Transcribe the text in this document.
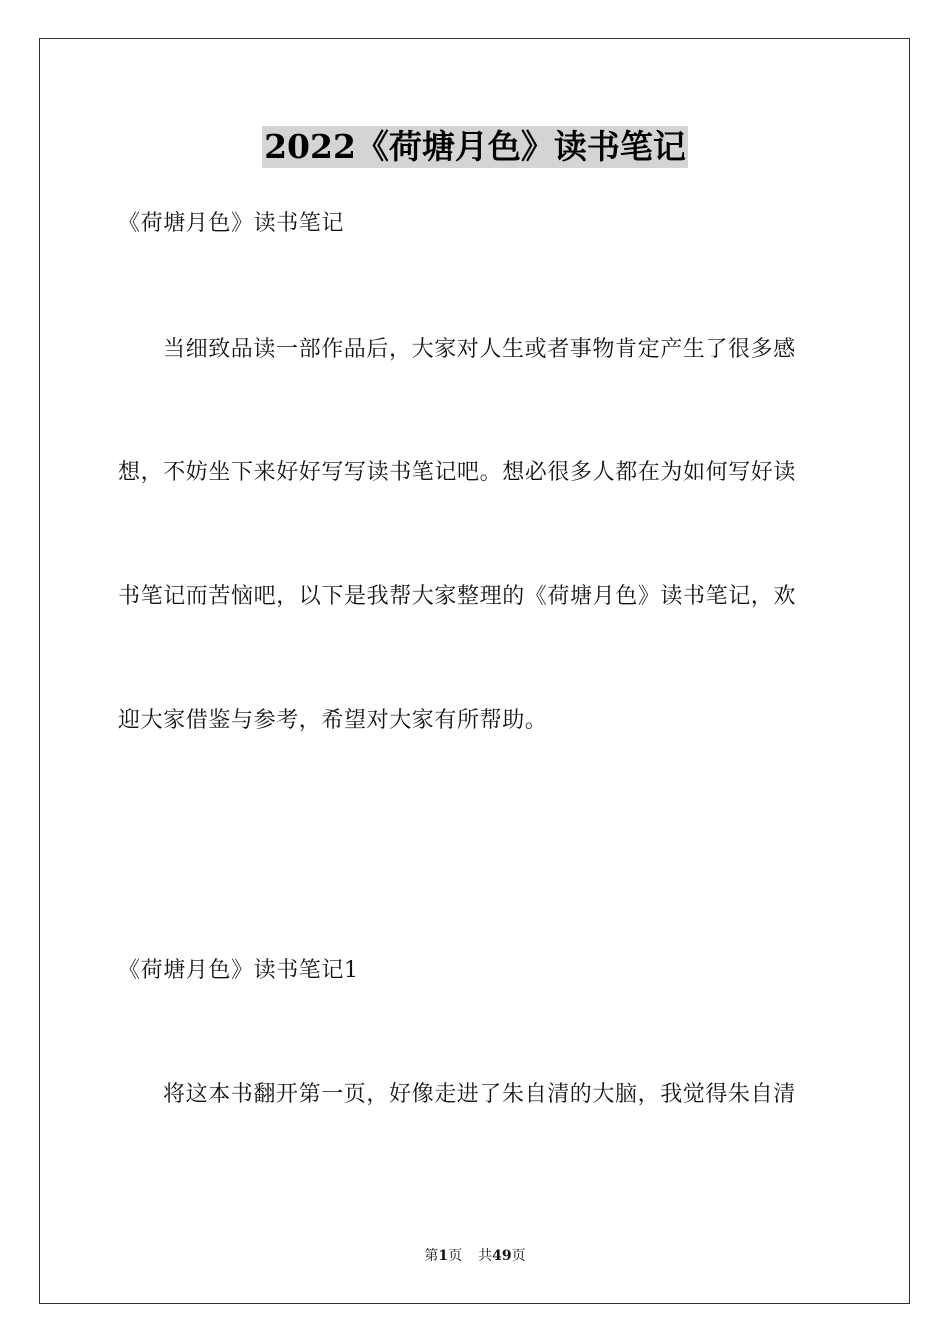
2022《荷塘月色》读书笔记
《荷塘月色》读书笔记
当细致品读一部作品后，大家对人生或者事物肯定产生了很多感
想，不妨坐下来好好写写读书笔记吧。想必很多人都在为如何写好读
书笔记而苦恼吧，以下是我帮大家整理的《荷塘月色》读书笔记，欢
迎大家借鉴与参考，希望对大家有所帮助。
《荷塘月色》读书笔记1
将这本书翻开第一页，好像走进了朱自清的大脑，我觉得朱自清
第1页 共49页
